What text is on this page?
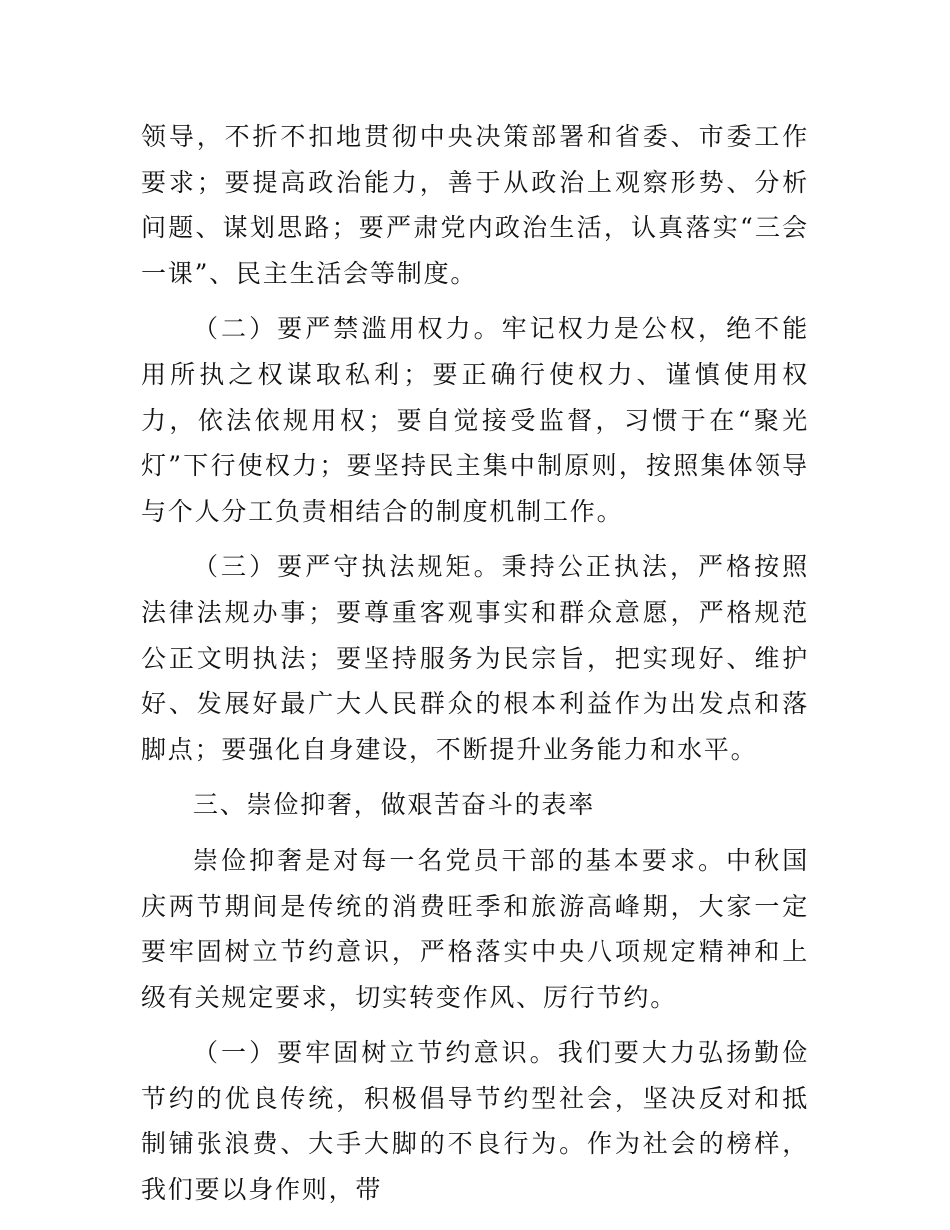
领导，不折不扣地贯彻中央决策部署和省委、市委工作要求；要提高政治能力，善于从政治上观察形势、分析问题、谋划思路；要严肃党内政治生活，认真落实“三会一课”、民主生活会等制度。

（二）要严禁滥用权力。牢记权力是公权，绝不能用所执之权谋取私利；要正确行使权力、谨慎使用权力，依法依规用权；要自觉接受监督，习惯于在“聚光灯”下行使权力；要坚持民主集中制原则，按照集体领导与个人分工负责相结合的制度机制工作。

（三）要严守执法规矩。秉持公正执法，严格按照法律法规办事；要尊重客观事实和群众意愿，严格规范公正文明执法；要坚持服务为民宗旨，把实现好、维护好、发展好最广大人民群众的根本利益作为出发点和落脚点；要强化自身建设，不断提升业务能力和水平。

三、崇俭抑奢，做艰苦奋斗的表率

崇俭抑奢是对每一名党员干部的基本要求。中秋国庆两节期间是传统的消费旺季和旅游高峰期，大家一定要牢固树立节约意识，严格落实中央八项规定精神和上级有关规定要求，切实转变作风、厉行节约。

（一）要牢固树立节约意识。我们要大力弘扬勤俭节约的优良传统，积极倡导节约型社会，坚决反对和抵制铺张浪费、大手大脚的不良行为。作为社会的榜样，我们要以身作则，带
